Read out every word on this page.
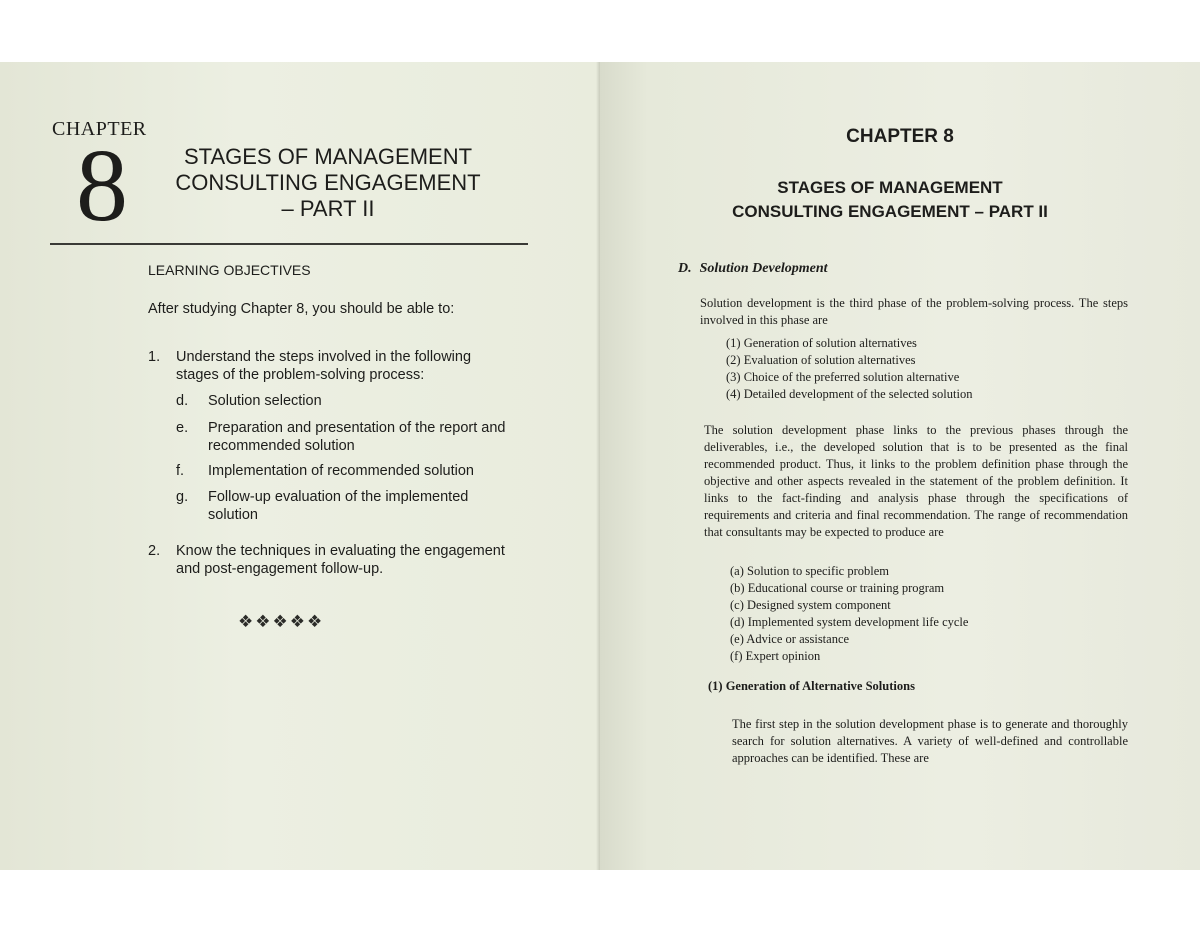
CHAPTER
8	STAGES OF MANAGEMENT
CONSULTING ENGAGEMENT
– PART II
LEARNING OBJECTIVES
After studying Chapter 8, you should be able to:
1. Understand the steps involved in the following stages of the problem-solving process:
d. Solution selection
e. Preparation and presentation of the report and recommended solution
f. Implementation of recommended solution
g. Follow-up evaluation of the implemented solution
2. Know the techniques in evaluating the engagement and post-engagement follow-up.
❖❖❖❖❖
CHAPTER 8
STAGES OF MANAGEMENT
CONSULTING ENGAGEMENT – PART II
D. Solution Development
Solution development is the third phase of the problem-solving process. The steps involved in this phase are
(1) Generation of solution alternatives
(2) Evaluation of solution alternatives
(3) Choice of the preferred solution alternative
(4) Detailed development of the selected solution
The solution development phase links to the previous phases through the deliverables, i.e., the developed solution that is to be presented as the final recommended product. Thus, it links to the problem definition phase through the objective and other aspects revealed in the statement of the problem definition. It links to the fact-finding and analysis phase through the specifications of requirements and criteria and final recommendation. The range of recommendation that consultants may be expected to produce are
(a) Solution to specific problem
(b) Educational course or training program
(c) Designed system component
(d) Implemented system development life cycle
(e) Advice or assistance
(f) Expert opinion
(1) Generation of Alternative Solutions
The first step in the solution development phase is to generate and thoroughly search for solution alternatives. A variety of well-defined and controllable approaches can be identified. These are
